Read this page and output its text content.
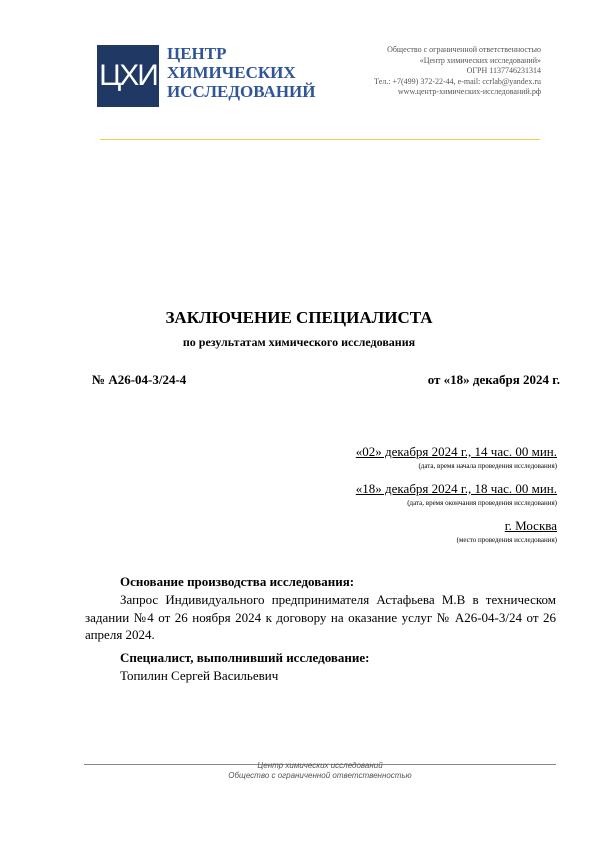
ЦХИ
ЦЕНТР
ХИМИЧЕСКИХ
ИССЛЕДОВАНИЙ
Общество с ограниченной ответственностью
«Центр химических исследований»
ОГРН 1137746231314
Тел.: +7(499) 372-22-44, e-mail: ccrlab@yandex.ru
www.центр-химических-исследований.рф
ЗАКЛЮЧЕНИЕ СПЕЦИАЛИСТА
по результатам химического исследования
№ А26-04-3/24-4	от «18» декабря 2024 г.
«02» декабря 2024 г., 14 час. 00 мин.
(дата, время начала проведения исследования)
«18» декабря 2024 г., 18 час. 00 мин.
(дата, время окончания проведения исследования)
г. Москва
(место проведения исследования)
Основание производства исследования:
Запрос Индивидуального предпринимателя Астафьева М.В в техническом задании №4 от 26 ноября 2024 к договору на оказание услуг № А26-04-3/24 от 26 апреля 2024.
Специалист, выполнивший исследование:
Топилин Сергей Васильевич
Центр химических исследований
Общество с ограниченной ответственностью
